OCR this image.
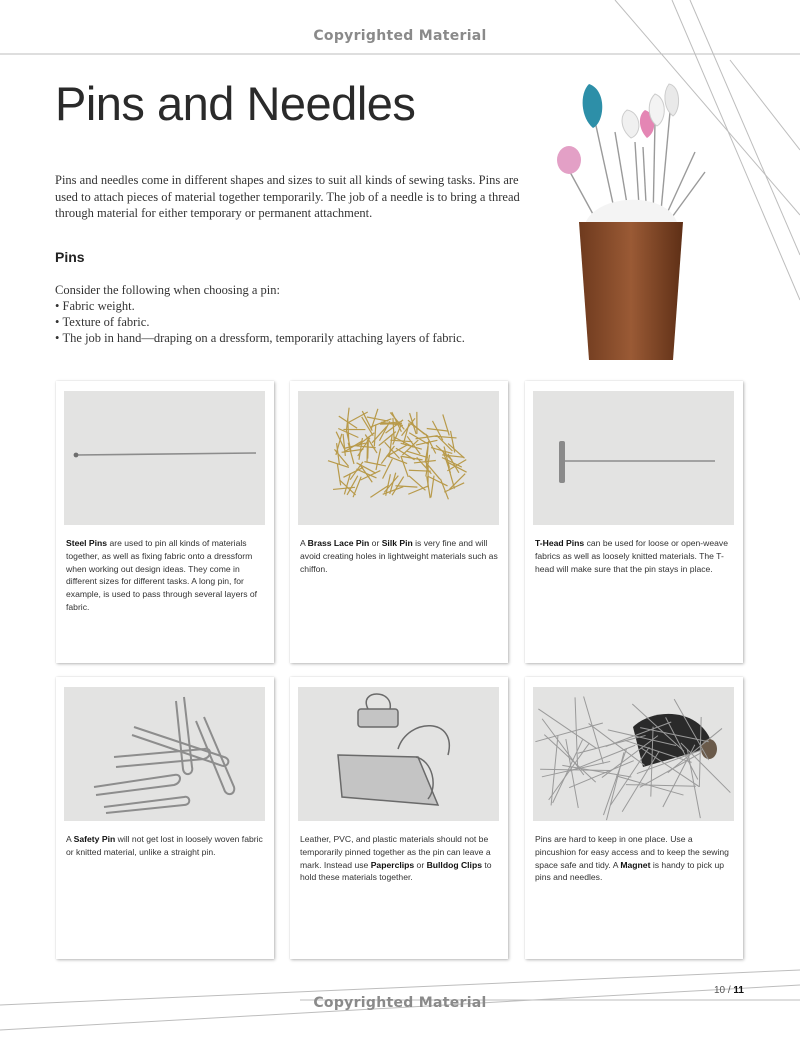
Copyrighted Material
Pins and Needles

Pins and needles come in different shapes and sizes to suit all kinds of sewing tasks. Pins are used to attach pieces of material together temporarily. The job of a needle is to bring a thread through material for either temporary or permanent attachment.

Pins

Consider the following when choosing a pin:

• Fabric weight.
• Texture of fabric.
• The job in hand—draping on a dressform, temporarily attaching layers of fabric.
Steel Pins are used to pin all kinds of materials together, as well as fixing fabric onto a dressform when working out design ideas. They come in different sizes for different tasks. A long pin, for example, is used to pass through several layers of fabric.
A Brass Lace Pin or Silk Pin is very fine and will avoid creating holes in lightweight materials such as chiffon.
T-Head Pins can be used for loose or open-weave fabrics as well as loosely knitted materials. The T-head will make sure that the pin stays in place.
A Safety Pin will not get lost in loosely woven fabric or knitted material, unlike a straight pin.
Leather, PVC, and plastic materials should not be temporarily pinned together as the pin can leave a mark. Instead use Paperclips or Bulldog Clips to hold these materials together.
Pins are hard to keep in one place. Use a pincushion for easy access and to keep the sewing space safe and tidy. A Magnet is handy to pick up pins and needles.
10 / 11
Copyrighted Material
